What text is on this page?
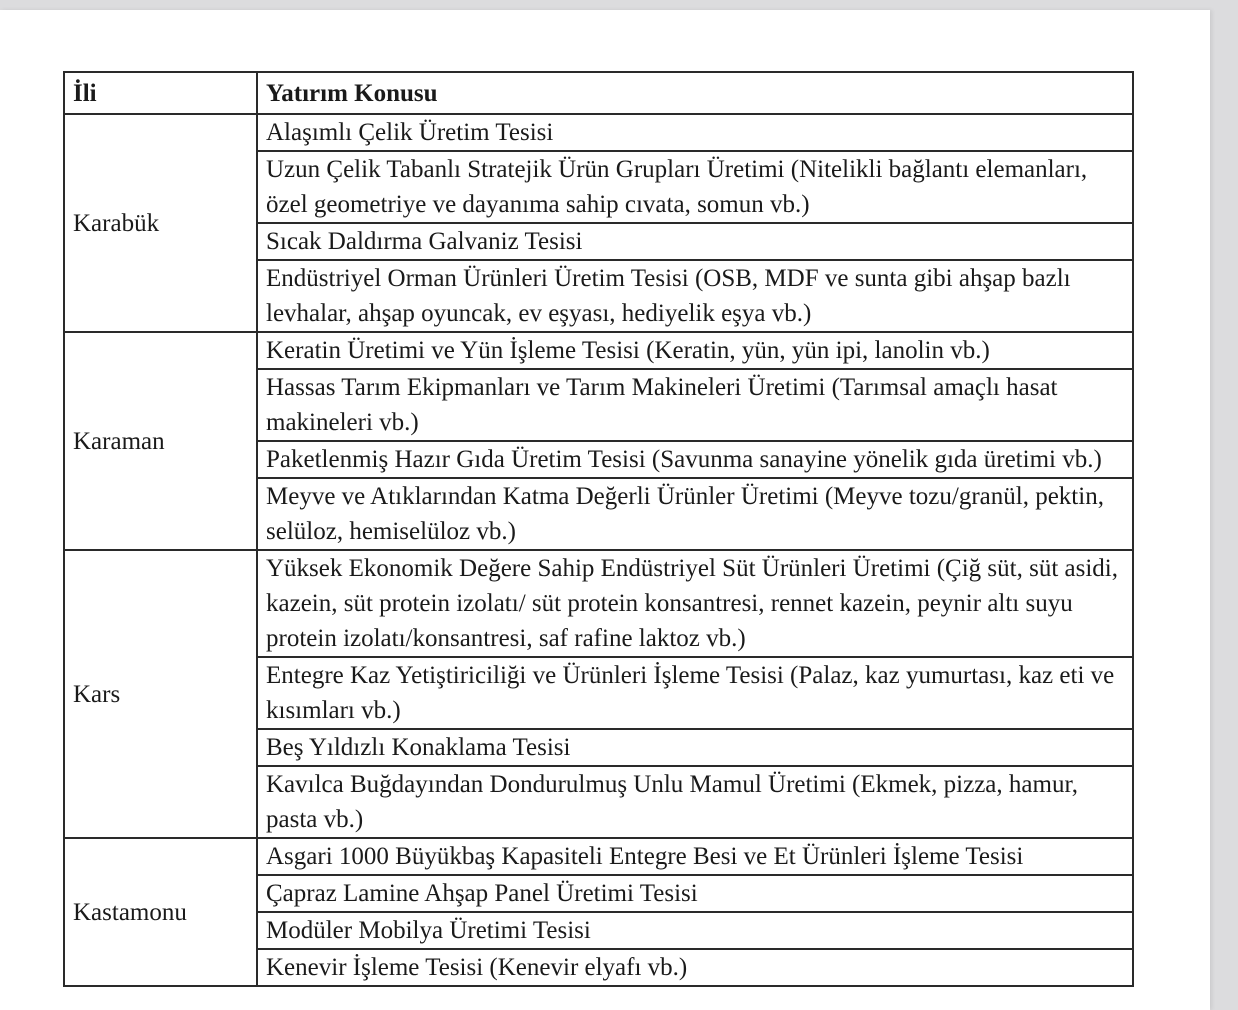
İli	Yatırım Konusu
Karabük	Alaşımlı Çelik Üretim Tesisi
	Uzun Çelik Tabanlı Stratejik Ürün Grupları Üretimi (Nitelikli bağlantı elemanları, özel geometriye ve dayanıma sahip cıvata, somun vb.)
	Sıcak Daldırma Galvaniz Tesisi
	Endüstriyel Orman Ürünleri Üretim Tesisi (OSB, MDF ve sunta gibi ahşap bazlı levhalar, ahşap oyuncak, ev eşyası, hediyelik eşya vb.)
Karaman	Keratin Üretimi ve Yün İşleme Tesisi (Keratin, yün, yün ipi, lanolin vb.)
	Hassas Tarım Ekipmanları ve Tarım Makineleri Üretimi (Tarımsal amaçlı hasat makineleri vb.)
	Paketlenmiş Hazır Gıda Üretim Tesisi (Savunma sanayine yönelik gıda üretimi vb.)
	Meyve ve Atıklarından Katma Değerli Ürünler Üretimi (Meyve tozu/granül, pektin, selüloz, hemiselüloz vb.)
Kars	Yüksek Ekonomik Değere Sahip Endüstriyel Süt Ürünleri Üretimi (Çiğ süt, süt asidi, kazein, süt protein izolatı/ süt protein konsantresi, rennet kazein, peynir altı suyu protein izolatı/konsantresi, saf rafine laktoz vb.)
	Entegre Kaz Yetiştiriciliği ve Ürünleri İşleme Tesisi (Palaz, kaz yumurtası, kaz eti ve kısımları vb.)
	Beş Yıldızlı Konaklama Tesisi
	Kavılca Buğdayından Dondurulmuş Unlu Mamul Üretimi (Ekmek, pizza, hamur, pasta vb.)
Kastamonu	Asgari 1000 Büyükbaş Kapasiteli Entegre Besi ve Et Ürünleri İşleme Tesisi
	Çapraz Lamine Ahşap Panel Üretimi Tesisi
	Modüler Mobilya Üretimi Tesisi
	Kenevir İşleme Tesisi (Kenevir elyafı vb.)
